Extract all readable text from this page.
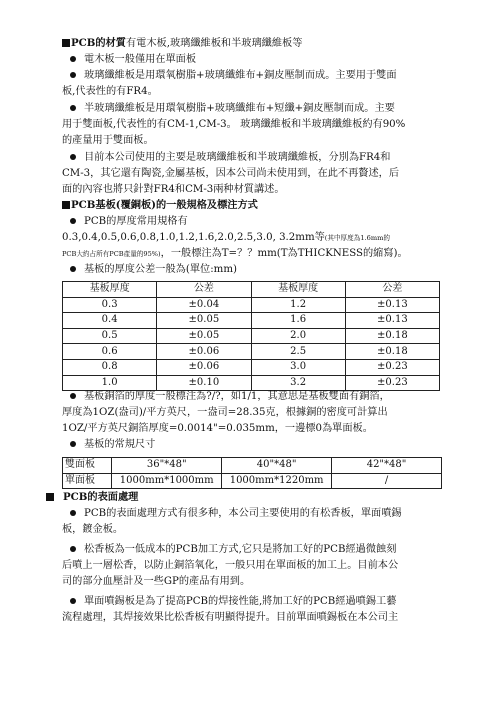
PCB的材質有電木板,玻璃纖維板和半玻璃纖維板等
電木板一般僅用在單面板
玻璃纖維板是用環氧樹脂+玻璃纖維布+銅皮壓制而成。主要用于雙面
板,代表性的有FR4。
半玻璃纖維板是用環氧樹脂+玻璃纖維布+短纖+銅皮壓制而成。主要
用于雙面板,代表性的有CM-1,CM-3。 玻璃纖維板和半玻璃纖維板約有90%
的產量用于雙面板。
目前本公司使用的主要是玻璃纖維板和半玻璃纖維板，分別為FR4和
CM-3，其它還有陶瓷,金屬基板，因本公司尚未使用到，在此不再贅述，后
面的內容也將只針對FR4和CM-3兩种材質講述。
PCB基板(覆銅板)的一般規格及標注方式
PCB的厚度常用規格有
0.3,0.4,0.5,0.6,0.8,1.0,1.2,1.6,2.0,2.5,3.0, 3.2mm等(其中厚度為1.6mm的
PCB大約占所有PCB產量的95%)，一般標注為T=？？mm(T為THICKNESS的縮寫)。
基板的厚度公差一般為(單位:mm)
基板厚度	公差	基板厚度	公差
0.3	±0.04	1.2	±0.13
0.4	±0.05	1.6	±0.13
0.5	±0.05	2.0	±0.18
0.6	±0.06	2.5	±0.18
0.8	±0.06	3.0	±0.23
1.0	±0.10	3.2	±0.23
基板銅箔的厚度一般標注為?/?，如1/1，其意思是基板雙面有銅箔，
厚度為1OZ(盎司)/平方英尺，一盎司=28.35克，根據銅的密度可計算出
1OZ/平方英尺銅箔厚度=0.0014"=0.035mm，一邊標0為單面板。
基板的常規尺寸
雙面板	36"*48"	40"*48"	42"*48"
單面板	1000mm*1000mm	1000mm*1220mm	/
PCB的表面處理
PCB的表面處理方式有很多种，本公司主要使用的有松香板，單面噴錫
板，鍍金板。
松香板為一低成本的PCB加工方式,它只是將加工好的PCB經過微蝕刻
后噴上一層松香，以防止銅箔氧化，一般只用在單面板的加工上。目前本公
司的部分血壓計及一些GP的產品有用到。
單面噴錫板是為了提高PCB的焊接性能,將加工好的PCB經過噴錫工藝
流程處理，其焊接效果比松香板有明顯得提升。目前單面噴錫板在本公司主
